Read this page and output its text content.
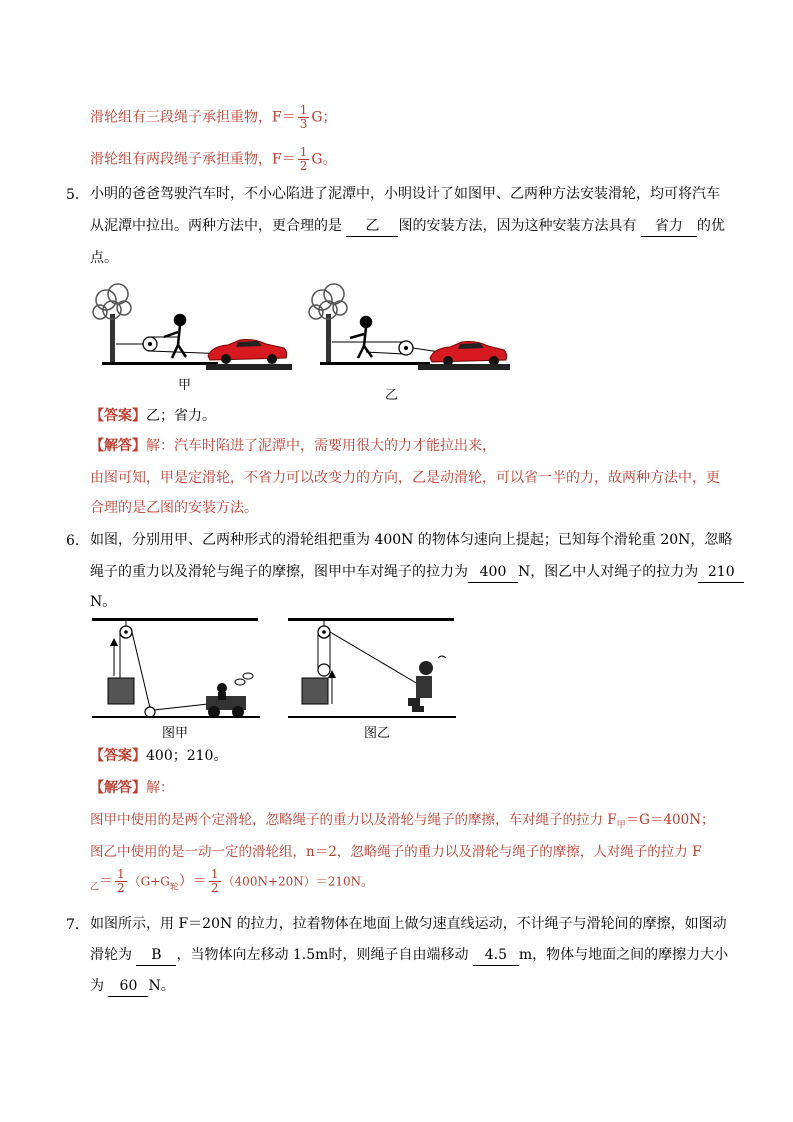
滑轮组有三段绳子承担重物，$F= \frac{1}{3}$ G；
滑轮组有两段绳子承担重物，$F= \frac{1}{2}$ G。
5． 小明的爸爸驾驶汽车时，不小心陷进了泥潭中，小明设计了如图甲、乙两种方法安装滑轮，均可将汽车
从泥潭中拉出。两种方法中，更合理的是 乙 图的安装方法，因为这种安装方法具有 省力 的优
点。
甲
乙
【答案】乙；省力。
【解答】解：汽车时陷进了泥潭中，需要用很大的力才能拉出来，
由图可知，甲是定滑轮，不省力可以改变力的方向，乙是动滑轮，可以省一半的力，故两种方法中，更
合理的是乙图的安装方法。
6． 如图，分别用甲、乙两种形式的滑轮组把重为 400N 的物体匀速向上提起；已知每个滑轮重 20N，忽略
绳子的重力以及滑轮与绳子的摩擦，图甲中车对绳子的拉力为 400 N，图乙中人对绳子的拉力为 210
N。
图甲	图乙
【答案】400；210。
【解答】解：
图甲中使用的是两个定滑轮，忽略绳子的重力以及滑轮与绳子的摩擦，车对绳子的拉力 $F_甲=G=400N$；
图乙中使用的是一动一定的滑轮组，n＝2，忽略绳子的重力以及滑轮与绳子的摩擦，人对绳子的拉力 F
$_乙= \frac{1}{2} (G+G_轮)= \frac{1}{2} (400N+20N)=210N$。
7． 如图所示，用 F＝20N 的拉力，拉着物体在地面上做匀速直线运动，不计绳子与滑轮间的摩擦，如图动
滑轮为 B ，当物体向左移动 1.5m时，则绳子自由端移动 4.5 m，物体与地面之间的摩擦力大小
为 60 N。
